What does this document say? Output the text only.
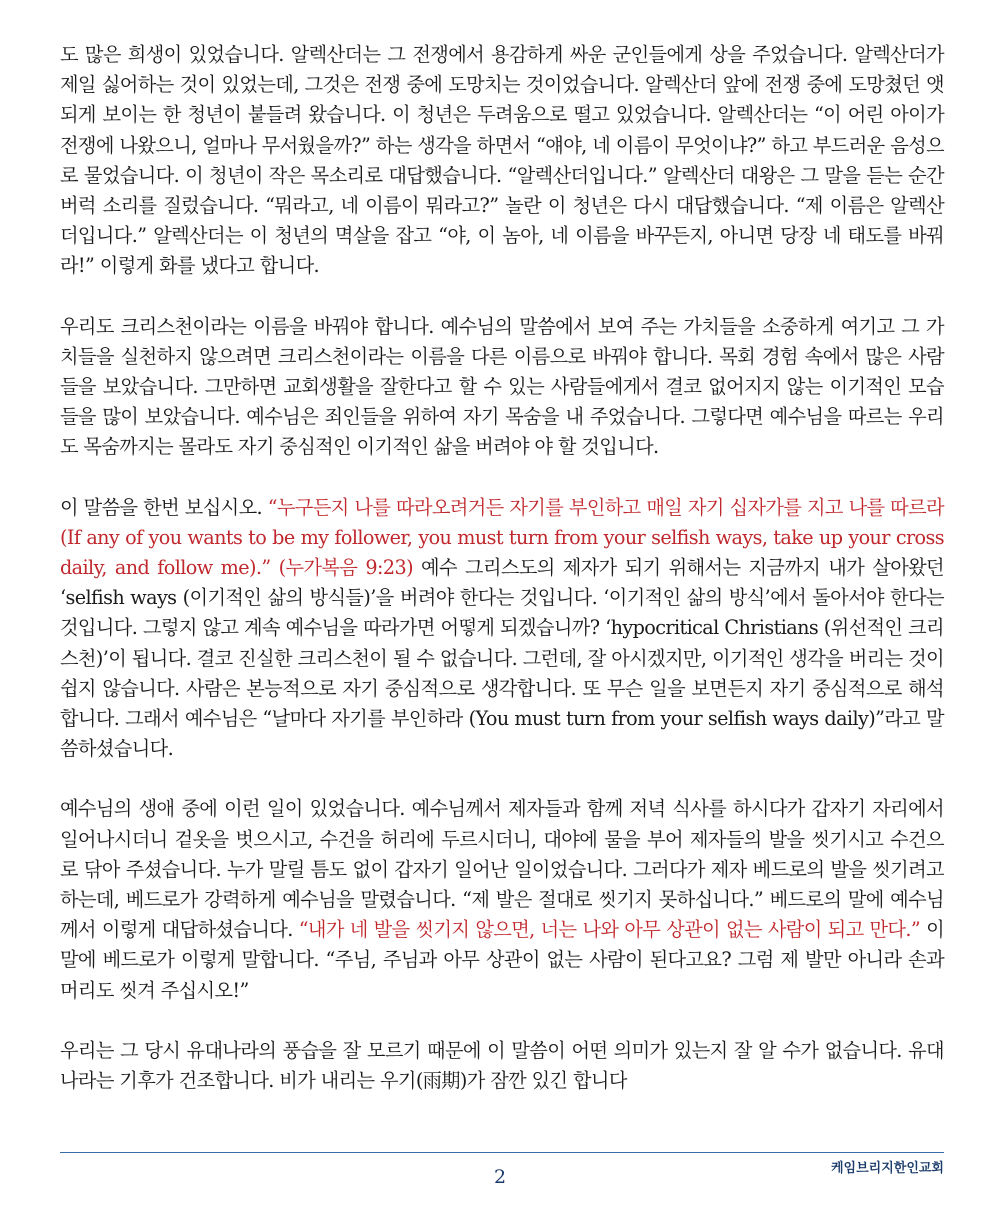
도 많은 희생이 있었습니다. 알렉산더는 그 전쟁에서 용감하게 싸운 군인들에게 상을 주었습니다. 알렉산더가 제일 싫어하는 것이 있었는데, 그것은 전쟁 중에 도망치는 것이었습니다. 알렉산더 앞에 전쟁 중에 도망쳤던 앳되게 보이는 한 청년이 붙들려 왔습니다. 이 청년은 두려움으로 떨고 있었습니다. 알렉산더는 “이 어린 아이가 전쟁에 나왔으니, 얼마나 무서웠을까?” 하는 생각을 하면서 “얘야, 네 이름이 무엇이냐?” 하고 부드러운 음성으로 물었습니다. 이 청년이 작은 목소리로 대답했습니다. “알렉산더입니다.” 알렉산더 대왕은 그 말을 듣는 순간 버럭 소리를 질렀습니다. “뭐라고, 네 이름이 뭐라고?” 놀란 이 청년은 다시 대답했습니다. “제 이름은 알렉산더입니다.” 알렉산더는 이 청년의 멱살을 잡고 “야, 이 놈아, 네 이름을 바꾸든지, 아니면 당장 네 태도를 바꿔라!” 이렇게 화를 냈다고 합니다.

우리도 크리스천이라는 이름을 바꿔야 합니다. 예수님의 말씀에서 보여 주는 가치들을 소중하게 여기고 그 가치들을 실천하지 않으려면 크리스천이라는 이름을 다른 이름으로 바꿔야 합니다. 목회 경험 속에서 많은 사람들을 보았습니다. 그만하면 교회생활을 잘한다고 할 수 있는 사람들에게서 결코 없어지지 않는 이기적인 모습들을 많이 보았습니다. 예수님은 죄인들을 위하여 자기 목숨을 내 주었습니다. 그렇다면 예수님을 따르는 우리도 목숨까지는 몰라도 자기 중심적인 이기적인 삶을 버려야 야 할 것입니다.

이 말씀을 한번 보십시오. “누구든지 나를 따라오려거든 자기를 부인하고 매일 자기 십자가를 지고 나를 따르라 (If any of you wants to be my follower, you must turn from your selfish ways, take up your cross daily, and follow me).” (누가복음 9:23) 예수 그리스도의 제자가 되기 위해서는 지금까지 내가 살아왔던 ‘selfish ways (이기적인 삶의 방식들)’을 버려야 한다는 것입니다. ‘이기적인 삶의 방식’에서 돌아서야 한다는 것입니다. 그렇지 않고 계속 예수님을 따라가면 어떻게 되겠습니까? ‘hypocritical Christians (위선적인 크리스천)’이 됩니다. 결코 진실한 크리스천이 될 수 없습니다. 그런데, 잘 아시겠지만, 이기적인 생각을 버리는 것이 쉽지 않습니다. 사람은 본능적으로 자기 중심적으로 생각합니다. 또 무슨 일을 보면든지 자기 중심적으로 해석합니다. 그래서 예수님은 “날마다 자기를 부인하라 (You must turn from your selfish ways daily)”라고 말씀하셨습니다.

예수님의 생애 중에 이런 일이 있었습니다. 예수님께서 제자들과 함께 저녁 식사를 하시다가 갑자기 자리에서 일어나시더니 겉옷을 벗으시고, 수건을 허리에 두르시더니, 대야에 물을 부어 제자들의 발을 씻기시고 수건으로 닦아 주셨습니다. 누가 말릴 틈도 없이 갑자기 일어난 일이었습니다. 그러다가 제자 베드로의 발을 씻기려고 하는데, 베드로가 강력하게 예수님을 말렸습니다. “제 발은 절대로 씻기지 못하십니다.” 베드로의 말에 예수님께서 이렇게 대답하셨습니다. “내가 네 발을 씻기지 않으면, 너는 나와 아무 상관이 없는 사람이 되고 만다.” 이 말에 베드로가 이렇게 말합니다. “주님, 주님과 아무 상관이 없는 사람이 된다고요? 그럼 제 발만 아니라 손과 머리도 씻겨 주십시오!”

우리는 그 당시 유대나라의 풍습을 잘 모르기 때문에 이 말씀이 어떤 의미가 있는지 잘 알 수가 없습니다. 유대나라는 기후가 건조합니다. 비가 내리는 우기(雨期)가 잠깐 있긴 합니다

2	케임브리지한인교회
